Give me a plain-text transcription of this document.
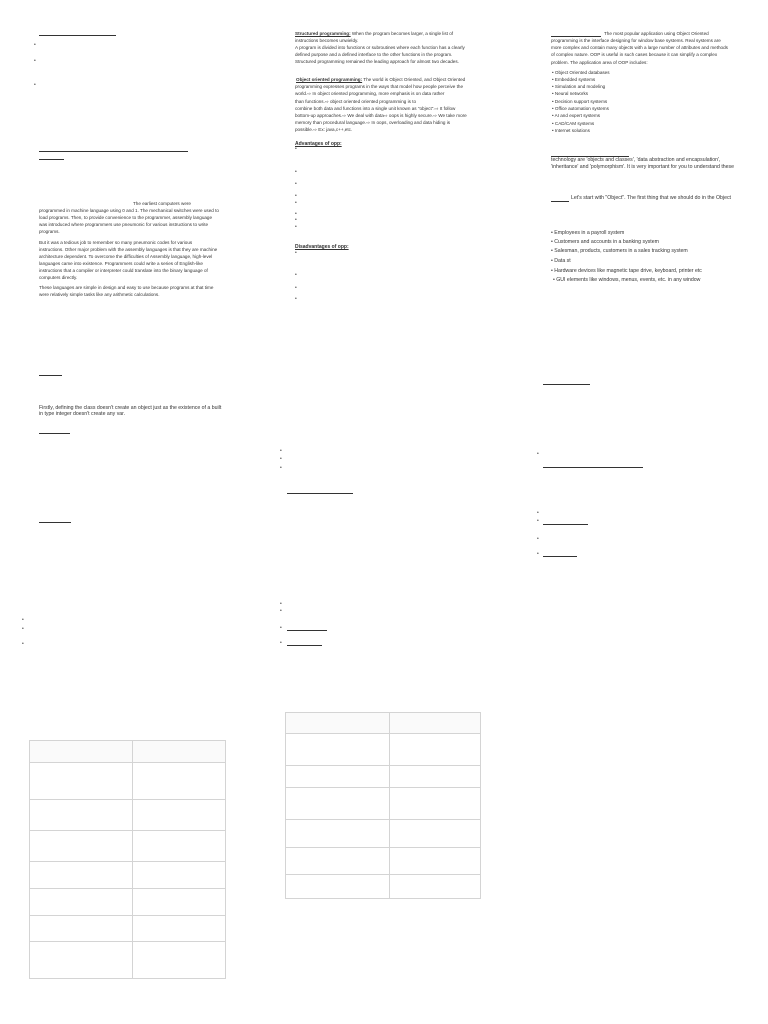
•
•
•
The earliest computers were
programmed in machine language using 0 and 1. The mechanical switches were used to
load programs. Then, to provide convenience to the programmer, assembly language
was introduced where programmers use pneumonic for various instructions to write
programs.
But it was a tedious job to remember so many pneumonic codes for various
instructions. Other major problem with the assembly languages is that they are machine
architecture dependent. To overcome the difficulties of Assembly language, high-level
languages came into existence. Programmers could write a series of English-like
instructions that a compiler or interpreter could translate into the binary language of
computers directly.
These languages are simple in design and easy to use because programs at that time
were relatively simple tasks like any arithmetic calculations.
Firstly, defining the class doesn't create an object just as the existence of a built
in type integer doesn't create any var.
•
•
•

Structured programming: When the program becomes larger, a single list of
instructions becomes unwieldy.
A program is divided into functions or subroutines where each function has a clearly
defined purpose and a defined interface to the other functions in the program.
Structured programming remained the leading approach for almost two decades.
Object oriented programming: The world is Object Oriented, and Object Oriented
programming expresses programs in the ways that model how people perceive the
world.⇨ In object oriented programming, more emphasis is on data rather
than functions.⇨ object oriented oriented programming is to
combine both data and functions into a single unit known as "object".⇨ It follow
bottom-up approaches.⇨ We deal with data⇨ oops is highly secure.⇨ We take more
memory than procedural language.⇨ In oops, overloading and data hiding is
possible.⇨ Ex: java,c++,etc.
Advantages of opp:
•
•
•
•
•
•
•
•
Disadvantages of opp:
•
•
•
•
•
•
•
•
•
•
•

The most popular application using Object Oriented
programming is the interface designing for window base systems. Real systems are
more complex and contain many objects with a large number of attributes and methods
of complex nature. OOP is useful in such cases because it can simplify a complex
problem. The application area of OOP includes:
• Object Oriented databases
• Embedded systems
• Simulation and modeling
• Neural networks
• Decision support systems
• Office automation systems
• AI and expert systems
• CAD/CAM systems
• Internet solutions
technology are 'objects and classes', 'data abstraction and encapsulation',
'inheritance' and 'polymorphism'. It is very important for you to understand these
Let's start with "Object". The first thing that we should do in the Object
• Employees in a payroll system
• Customers and accounts in a banking system
• Salesman, products, customers in a sales tracking system
• Data st
• Hardware devices like magnetic tape drive, keyboard, printer etc
• GUI elements like windows, menus, events, etc. in any window
•
•
•
•
•
